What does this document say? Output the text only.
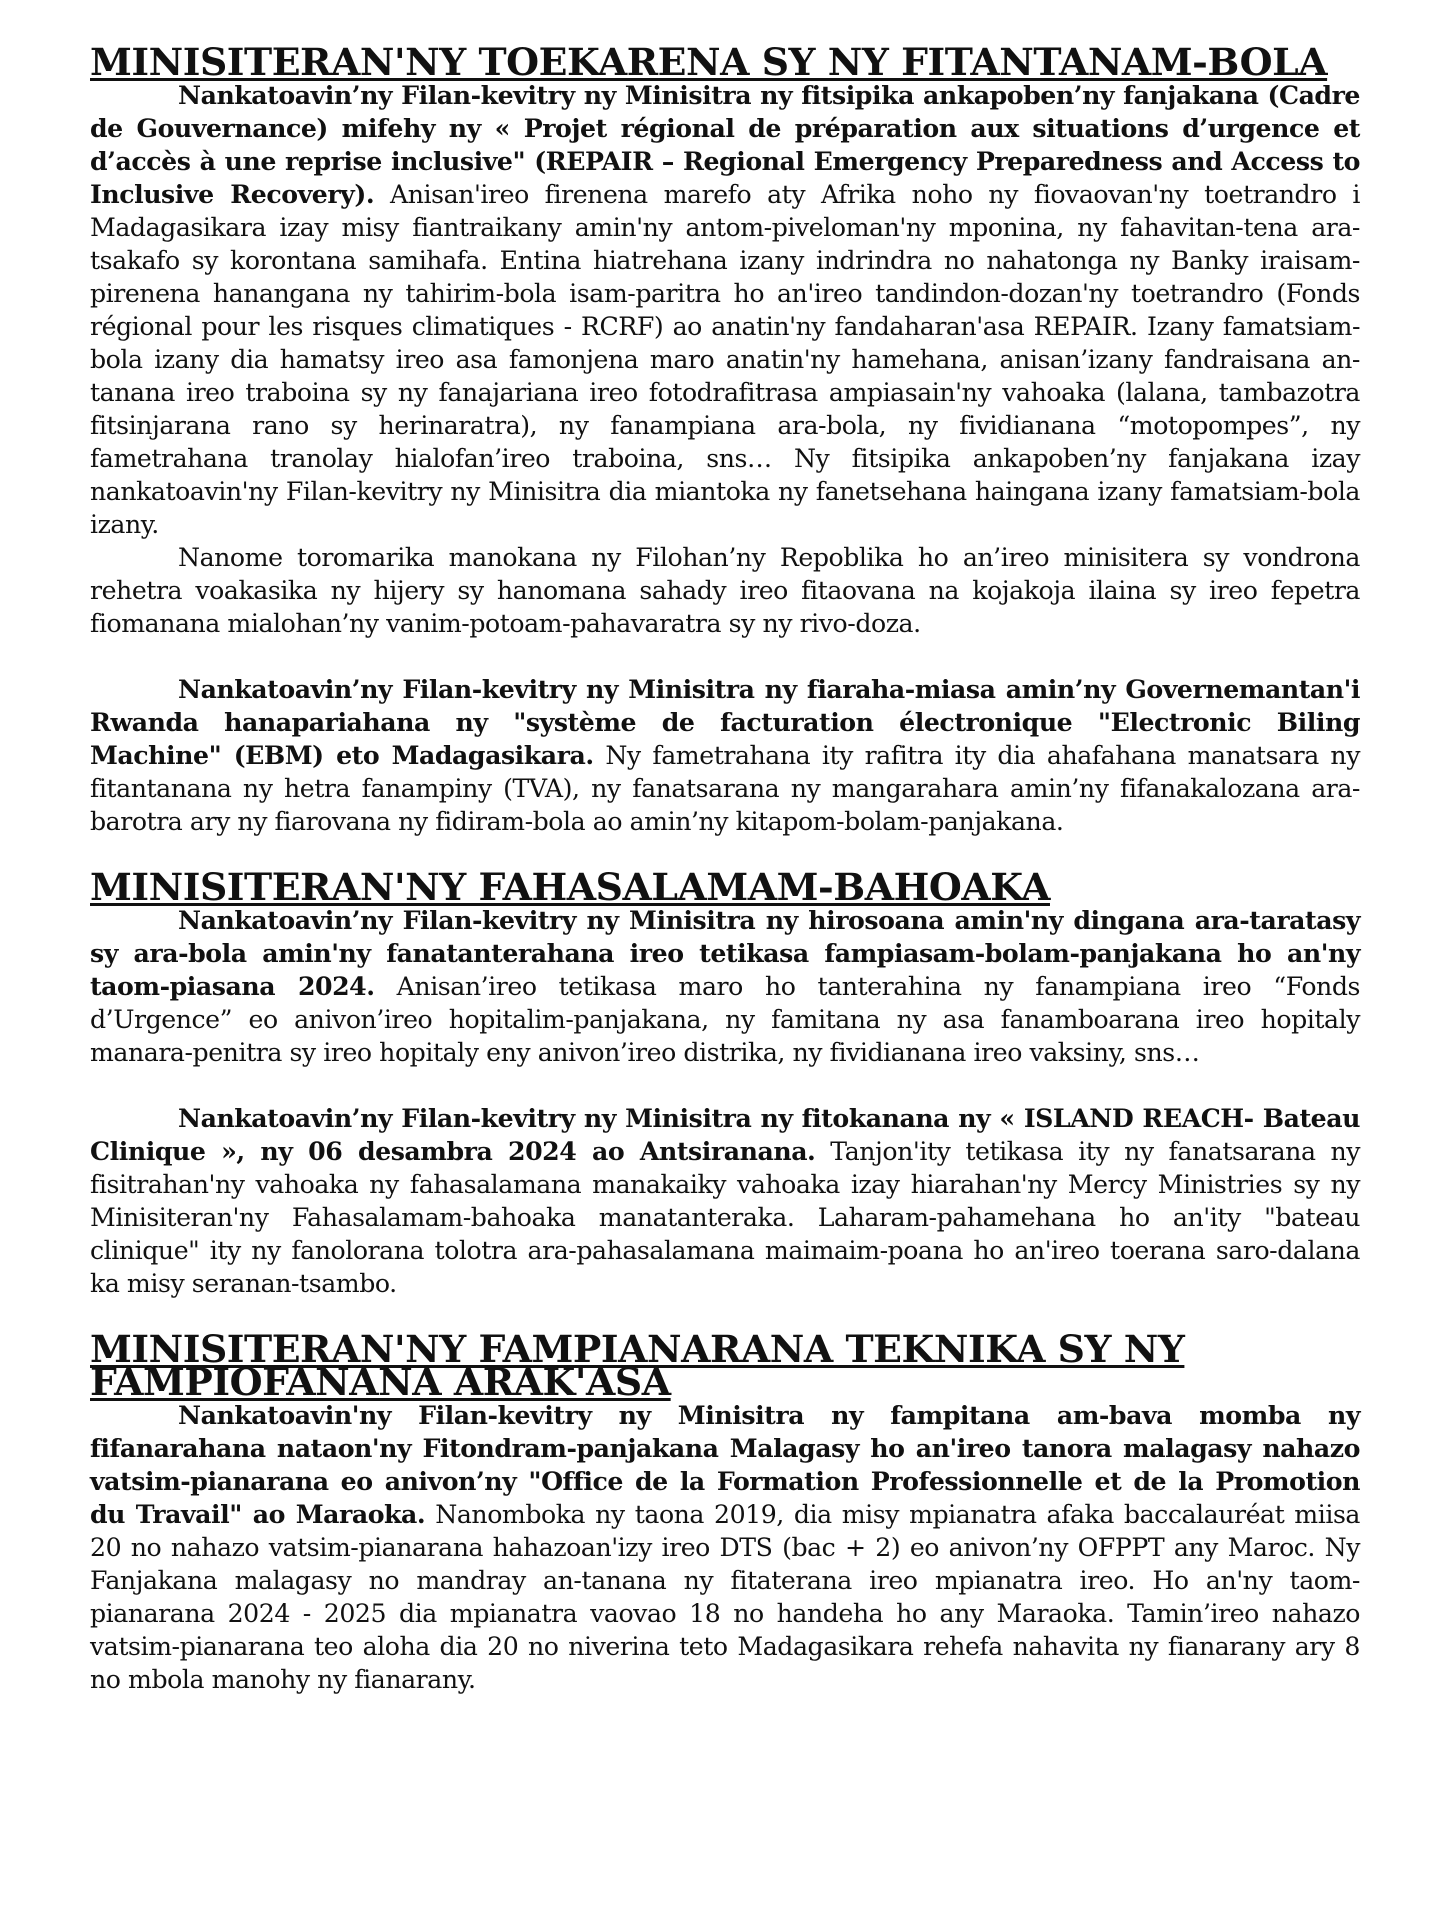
MINISITERAN'NY TOEKARENA SY NY FITANTANAM-BOLA

Nankatoavin’ny Filan-kevitry ny Minisitra ny fitsipika ankapoben’ny fanjakana (Cadre de Gouvernance) mifehy ny « Projet régional de préparation aux situations d’urgence et d’accès à une reprise inclusive" (REPAIR – Regional Emergency Preparedness and Access to Inclusive Recovery). Anisan'ireo firenena marefo aty Afrika noho ny fiovaovan'ny toetrandro i Madagasikara izay misy fiantraikany amin'ny antom-piveloman'ny mponina, ny fahavitan-tena ara-tsakafo sy korontana samihafa. Entina hiatrehana izany indrindra no nahatonga ny Banky iraisam-pirenena hanangana ny tahirim-bola isam-paritra ho an'ireo tandindon-dozan'ny toetrandro (Fonds régional pour les risques climatiques - RCRF) ao anatin'ny fandaharan'asa REPAIR. Izany famatsiam-bola izany dia hamatsy ireo asa famonjena maro anatin'ny hamehana, anisan’izany fandraisana an-tanana ireo traboina sy ny fanajariana ireo fotodrafitrasa ampiasain'ny vahoaka (lalana, tambazotra fitsinjarana rano sy herinaratra), ny fanampiana ara-bola, ny fividianana “motopompes”, ny fametrahana tranolay hialofan’ireo traboina, sns… Ny fitsipika ankapoben’ny fanjakana izay nankatoavin'ny Filan-kevitry ny Minisitra dia miantoka ny fanetsehana haingana izany famatsiam-bola izany.

Nanome toromarika manokana ny Filohan’ny Repoblika ho an’ireo minisitera sy vondrona rehetra voakasika ny hijery sy hanomana sahady ireo fitaovana na kojakoja ilaina sy ireo fepetra fiomanana mialohan’ny vanim-potoam-pahavaratra sy ny rivo-doza.

Nankatoavin’ny Filan-kevitry ny Minisitra ny fiaraha-miasa amin’ny Governemantan'i Rwanda hanapariahana ny "système de facturation électronique "Electronic Biling Machine" (EBM) eto Madagasikara. Ny fametrahana ity rafitra ity dia ahafahana manatsara ny fitantanana ny hetra fanampiny (TVA), ny fanatsarana ny mangarahara amin’ny fifanakalozana ara-barotra ary ny fiarovana ny fidiram-bola ao amin’ny kitapom-bolam-panjakana.

MINISITERAN'NY FAHASALAMAM-BAHOAKA

Nankatoavin’ny Filan-kevitry ny Minisitra ny hirosoana amin'ny dingana ara-taratasy sy ara-bola amin'ny fanatanterahana ireo tetikasa fampiasam-bolam-panjakana ho an'ny taom-piasana 2024. Anisan’ireo tetikasa maro ho tanterahina ny fanampiana ireo “Fonds d’Urgence” eo anivon’ireo hopitalim-panjakana, ny famitana ny asa fanamboarana ireo hopitaly manara-penitra sy ireo hopitaly eny anivon’ireo distrika, ny fividianana ireo vaksiny, sns…

Nankatoavin’ny Filan-kevitry ny Minisitra ny fitokanana ny « ISLAND REACH- Bateau Clinique », ny 06 desambra 2024 ao Antsiranana. Tanjon'ity tetikasa ity ny fanatsarana ny fisitrahan'ny vahoaka ny fahasalamana manakaiky vahoaka izay hiarahan'ny Mercy Ministries sy ny Minisiteran'ny Fahasalamam-bahoaka manatanteraka. Laharam-pahamehana ho an'ity "bateau clinique" ity ny fanolorana tolotra ara-pahasalamana maimaim-poana ho an'ireo toerana saro-dalana ka misy seranan-tsambo.

MINISITERAN'NY FAMPIANARANA TEKNIKA SY NY FAMPIOFANANA ARAK'ASA

Nankatoavin'ny Filan-kevitry ny Minisitra ny fampitana am-bava momba ny fifanarahana nataon'ny Fitondram-panjakana Malagasy ho an'ireo tanora malagasy nahazo vatsim-pianarana eo anivon’ny "Office de la Formation Professionnelle et de la Promotion du Travail" ao Maraoka. Nanomboka ny taona 2019, dia misy mpianatra afaka baccalauréat miisa 20 no nahazo vatsim-pianarana hahazoan'izy ireo DTS (bac + 2) eo anivon’ny OFPPT any Maroc. Ny Fanjakana malagasy no mandray an-tanana ny fitaterana ireo mpianatra ireo. Ho an'ny taom-pianarana 2024 - 2025 dia mpianatra vaovao 18 no handeha ho any Maraoka. Tamin’ireo nahazo vatsim-pianarana teo aloha dia 20 no niverina teto Madagasikara rehefa nahavita ny fianarany ary 8 no mbola manohy ny fianarany.
